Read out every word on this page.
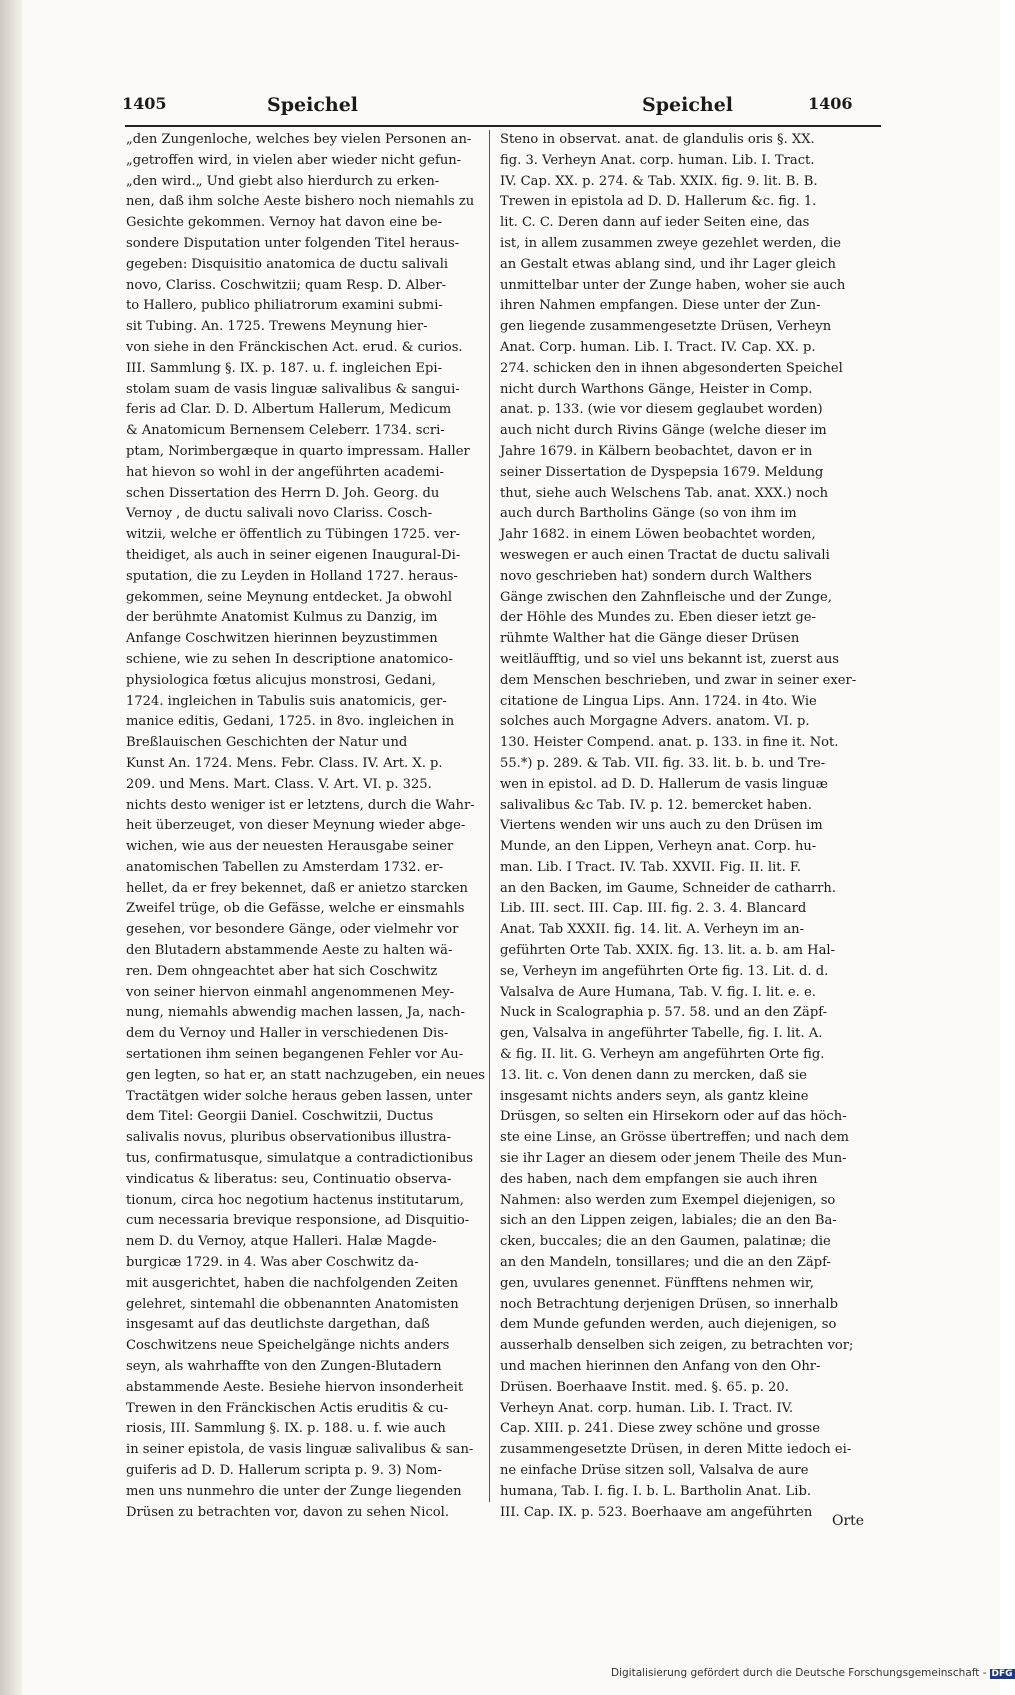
1405	Speichel	Speichel	1406

„den Zungenloche, welches bey vielen Personen an-

„getroffen wird, in vielen aber wieder nicht gefun-

„den wird.„ Und giebt also hierdurch zu erken-

nen, daß ihm solche Aeste bishero noch niemahls zu

Gesichte gekommen. Vernoy hat davon eine be-

sondere Disputation unter folgenden Titel heraus-

gegeben: Disquisitio anatomica de ductu salivali

novo, Clariss. Coschwitzii; quam Resp. D. Alber-

to Hallero, publico philiatrorum examini submi-

sit Tubing. An. 1725. Trewens Meynung hier-

von siehe in den Fränckischen Act. erud. & curios.

III. Sammlung §. IX. p. 187. u. f. ingleichen Epi-

stolam suam de vasis linguæ salivalibus & sangui-

feris ad Clar. D. D. Albertum Hallerum, Medicum

& Anatomicum Bernensem Celeberr. 1734. scri-

ptam, Norimbergæque in quarto impressam. Haller

hat hievon so wohl in der angeführten academi-

schen Dissertation des Herrn D. Joh. Georg. du

Vernoy , de ductu salivali novo Clariss. Cosch-

witzii, welche er öffentlich zu Tübingen 1725. ver-

theidiget, als auch in seiner eigenen Inaugural-Di-

sputation, die zu Leyden in Holland 1727. heraus-

gekommen, seine Meynung entdecket. Ja obwohl

der berühmte Anatomist Kulmus zu Danzig, im

Anfange Coschwitzen hierinnen beyzustimmen

schiene, wie zu sehen In descriptione anatomico-

physiologica fœtus alicujus monstrosi, Gedani,

1724. ingleichen in Tabulis suis anatomicis, ger-

manice editis, Gedani, 1725. in 8vo. ingleichen in

Breßlauischen Geschichten der Natur und

Kunst An. 1724. Mens. Febr. Class. IV. Art. X. p.

209. und Mens. Mart. Class. V. Art. VI. p. 325.

nichts desto weniger ist er letztens, durch die Wahr-

heit überzeuget, von dieser Meynung wieder abge-

wichen, wie aus der neuesten Herausgabe seiner

anatomischen Tabellen zu Amsterdam 1732. er-

hellet, da er frey bekennet, daß er anietzo starcken

Zweifel trüge, ob die Gefässe, welche er einsmahls

gesehen, vor besondere Gänge, oder vielmehr vor

den Blutadern abstammende Aeste zu halten wä-

ren. Dem ohngeachtet aber hat sich Coschwitz

von seiner hiervon einmahl angenommenen Mey-

nung, niemahls abwendig machen lassen, Ja, nach-

dem du Vernoy und Haller in verschiedenen Dis-

sertationen ihm seinen begangenen Fehler vor Au-

gen legten, so hat er, an statt nachzugeben, ein neues

Tractätgen wider solche heraus geben lassen, unter

dem Titel: Georgii Daniel. Coschwitzii, Ductus

salivalis novus, pluribus observationibus illustra-

tus, confirmatusque, simulatque a contradictionibus

vindicatus & liberatus: seu, Continuatio observa-

tionum, circa hoc negotium hactenus institutarum,

cum necessaria brevique responsione, ad Disquitio-

nem D. du Vernoy, atque Halleri. Halæ Magde-

burgicæ 1729. in 4. Was aber Coschwitz da-

mit ausgerichtet, haben die nachfolgenden Zeiten

gelehret, sintemahl die obbenannten Anatomisten

insgesamt auf das deutlichste dargethan, daß

Coschwitzens neue Speichelgänge nichts anders

seyn, als wahrhaffte von den Zungen-Blutadern

abstammende Aeste. Besiehe hiervon insonderheit

Trewen in den Fränckischen Actis eruditis & cu-

riosis, III. Sammlung §. IX. p. 188. u. f. wie auch

in seiner epistola, de vasis linguæ salivalibus & san-

guiferis ad D. D. Hallerum scripta p. 9. 3) Nom-

men uns nunmehro die unter der Zunge liegenden

Drüsen zu betrachten vor, davon zu sehen Nicol.

Steno in observat. anat. de glandulis oris §. XX.

fig. 3. Verheyn Anat. corp. human. Lib. I. Tract.

IV. Cap. XX. p. 274. & Tab. XXIX. fig. 9. lit. B. B.

Trewen in epistola ad D. D. Hallerum &c. fig. 1.

lit. C. C. Deren dann auf ieder Seiten eine, das

ist, in allem zusammen zweye gezehlet werden, die

an Gestalt etwas ablang sind, und ihr Lager gleich

unmittelbar unter der Zunge haben, woher sie auch

ihren Nahmen empfangen. Diese unter der Zun-

gen liegende zusammengesetzte Drüsen, Verheyn

Anat. Corp. human. Lib. I. Tract. IV. Cap. XX. p.

274. schicken den in ihnen abgesonderten Speichel

nicht durch Warthons Gänge, Heister in Comp.

anat. p. 133. (wie vor diesem geglaubet worden)

auch nicht durch Rivins Gänge (welche dieser im

Jahre 1679. in Kälbern beobachtet, davon er in

seiner Dissertation de Dyspepsia 1679. Meldung

thut, siehe auch Welschens Tab. anat. XXX.) noch

auch durch Bartholins Gänge (so von ihm im

Jahr 1682. in einem Löwen beobachtet worden,

weswegen er auch einen Tractat de ductu salivali

novo geschrieben hat) sondern durch Walthers

Gänge zwischen den Zahnfleische und der Zunge,

der Höhle des Mundes zu. Eben dieser ietzt ge-

rühmte Walther hat die Gänge dieser Drüsen

weitläufftig, und so viel uns bekannt ist, zuerst aus

dem Menschen beschrieben, und zwar in seiner exer-

citatione de Lingua Lips. Ann. 1724. in 4to. Wie

solches auch Morgagne Advers. anatom. VI. p.

130. Heister Compend. anat. p. 133. in fine it. Not.

55.*) p. 289. & Tab. VII. fig. 33. lit. b. b. und Tre-

wen in epistol. ad D. D. Hallerum de vasis linguæ

salivalibus &c Tab. IV. p. 12. bemercket haben.

Viertens wenden wir uns auch zu den Drüsen im

Munde, an den Lippen, Verheyn anat. Corp. hu-

man. Lib. I Tract. IV. Tab. XXVII. Fig. II. lit. F.

an den Backen, im Gaume, Schneider de catharrh.

Lib. III. sect. III. Cap. III. fig. 2. 3. 4. Blancard

Anat. Tab XXXII. fig. 14. lit. A. Verheyn im an-

geführten Orte Tab. XXIX. fig. 13. lit. a. b. am Hal-

se, Verheyn im angeführten Orte fig. 13. Lit. d. d.

Valsalva de Aure Humana, Tab. V. fig. I. lit. e. e.

Nuck in Scalographia p. 57. 58. und an den Zäpf-

gen, Valsalva in angeführter Tabelle, fig. I. lit. A.

& fig. II. lit. G. Verheyn am angeführten Orte fig.

13. lit. c. Von denen dann zu mercken, daß sie

insgesamt nichts anders seyn, als gantz kleine

Drüsgen, so selten ein Hirsekorn oder auf das höch-

ste eine Linse, an Grösse übertreffen; und nach dem

sie ihr Lager an diesem oder jenem Theile des Mun-

des haben, nach dem empfangen sie auch ihren

Nahmen: also werden zum Exempel diejenigen, so

sich an den Lippen zeigen, labiales; die an den Ba-

cken, buccales; die an den Gaumen, palatinæ; die

an den Mandeln, tonsillares; und die an den Zäpf-

gen, uvulares genennet. Fünfftens nehmen wir,

noch Betrachtung derjenigen Drüsen, so innerhalb

dem Munde gefunden werden, auch diejenigen, so

ausserhalb denselben sich zeigen, zu betrachten vor;

und machen hierinnen den Anfang von den Ohr-

Drüsen. Boerhaave Instit. med. §. 65. p. 20.

Verheyn Anat. corp. human. Lib. I. Tract. IV.

Cap. XIII. p. 241. Diese zwey schöne und grosse

zusammengesetzte Drüsen, in deren Mitte iedoch ei-

ne einfache Drüse sitzen soll, Valsalva de aure

humana, Tab. I. fig. I. b. L. Bartholin Anat. Lib.

III. Cap. IX. p. 523. Boerhaave am angeführten

Orte
Digitalisierung gefördert durch die Deutsche Forschungsgemeinschaft - DFG
